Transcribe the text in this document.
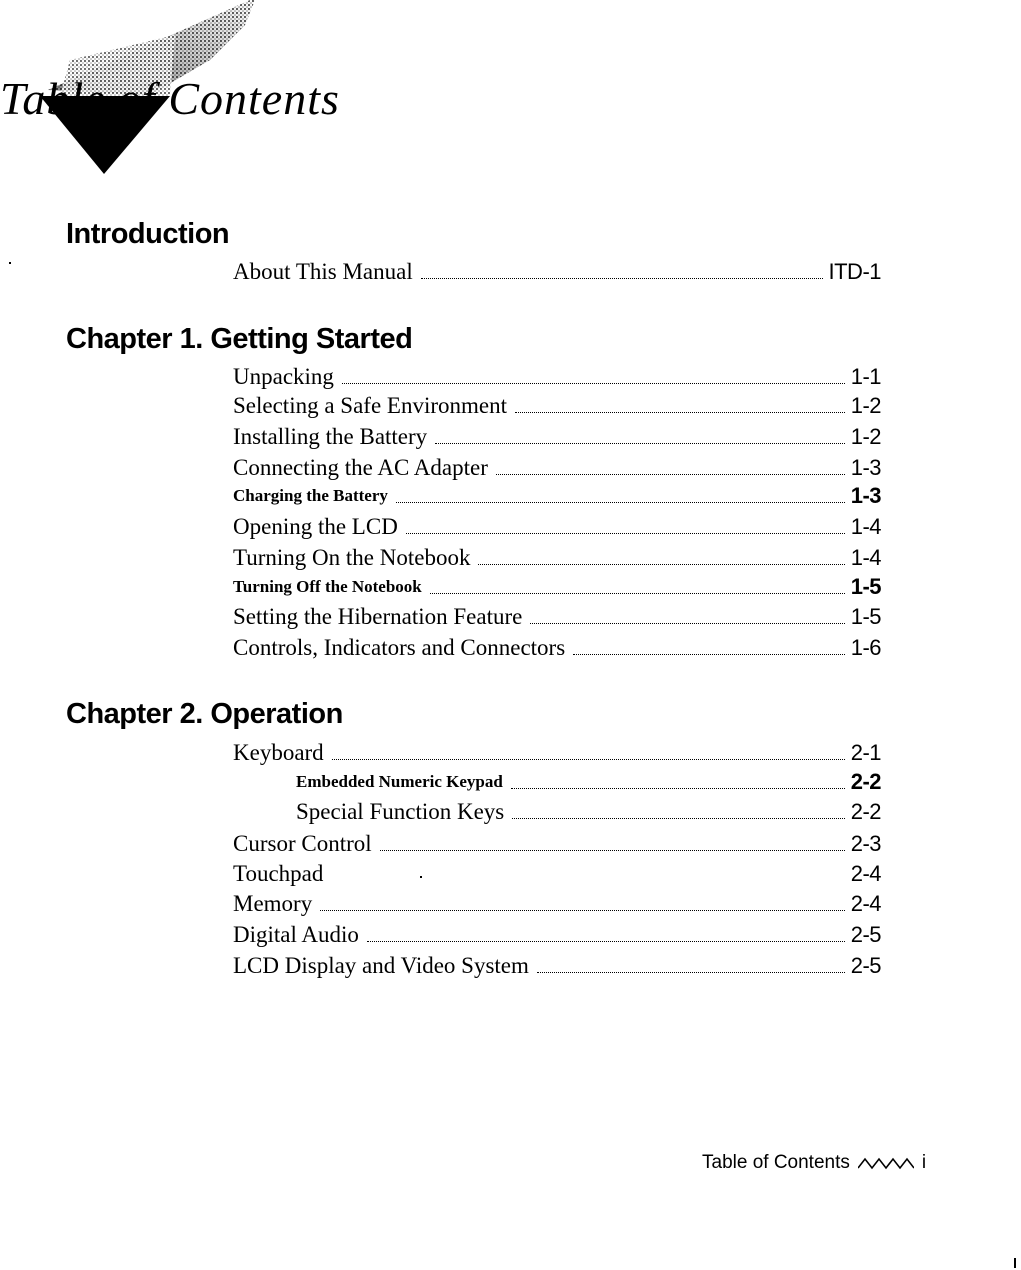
Table of Contents
Introduction
About This Manual	ITD-1
Chapter 1. Getting Started
Unpacking	1-1
Selecting a Safe Environment	1-2
Installing the Battery	1-2
Connecting the AC Adapter	1-3
Charging the Battery	1-3
Opening the LCD	1-4
Turning On the Notebook	1-4
Turning Off the Notebook	1-5
Setting the Hibernation Feature	1-5
Controls, Indicators and Connectors	1-6
Chapter 2. Operation
Keyboard	2-1
Embedded Numeric Keypad	2-2
Special Function Keys	2-2
Cursor Control	2-3
Touchpad	2-4
Memory	2-4
Digital Audio	2-5
LCD Display and Video System	2-5
Table of Contents	i
